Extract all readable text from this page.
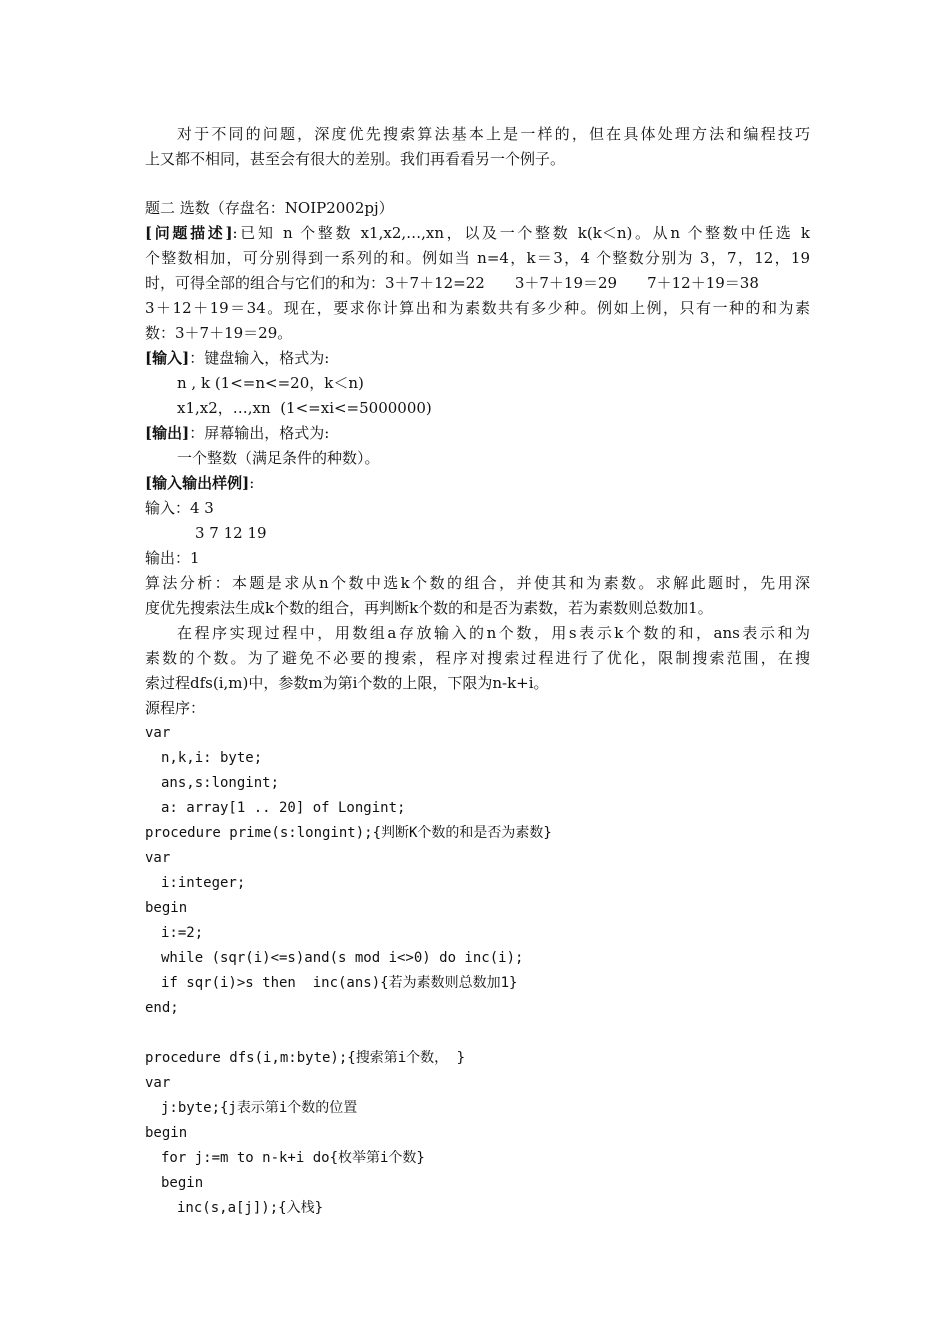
对于不同的问题，深度优先搜索算法基本上是一样的，但在具体处理方法和编程技巧
上又都不相同，甚至会有很大的差别。我们再看看另一个例子。
题二 选数（存盘名：NOIP2002pj）
[问题描述]:已知 n 个整数 x1,x2,…,xn，以及一个整数 k(k＜n)。从n 个整数中任选 k
个整数相加，可分别得到一系列的和。例如当 n=4，k＝3，4 个整数分别为 3，7，12，19
时，可得全部的组合与它们的和为：3＋7＋12=22　　3＋7＋19＝29　　7＋12＋19＝38
3＋12＋19＝34。现在，要求你计算出和为素数共有多少种。例如上例，只有一种的和为素
数：3＋7＋19＝29。
[输入]：键盘输入，格式为:
n , k (1<=n<=20，k＜n)
x1,x2，…,xn  (1<=xi<=5000000)
[输出]：屏幕输出，格式为:
一个整数（满足条件的种数）。
[输入输出样例]:
输入：4 3
3 7 12 19
输出：1
算法分析：本题是求从n个数中选k个数的组合，并使其和为素数。求解此题时，先用深
度优先搜索法生成k个数的组合，再判断k个数的和是否为素数，若为素数则总数加1。
在程序实现过程中，用数组a存放输入的n个数，用s表示k个数的和，ans表示和为
素数的个数。为了避免不必要的搜索，程序对搜索过程进行了优化，限制搜索范围，在搜
索过程dfs(i,m)中，参数m为第i个数的上限，下限为n-k+i。
源程序：
var
n,k,i: byte;
ans,s:longint;
a: array[1 .. 20] of Longint;
procedure prime(s:longint);{判断K个数的和是否为素数}
var
i:integer;
begin
i:=2;
while (sqr(i)<=s)and(s mod i<>0) do inc(i);
if sqr(i)>s then  inc(ans){若为素数则总数加1}
end;
procedure dfs(i,m:byte);{搜索第i个数， }
var
j:byte;{j表示第i个数的位置
begin
for j:=m to n-k+i do{枚举第i个数}
begin
inc(s,a[j]);{入栈}
